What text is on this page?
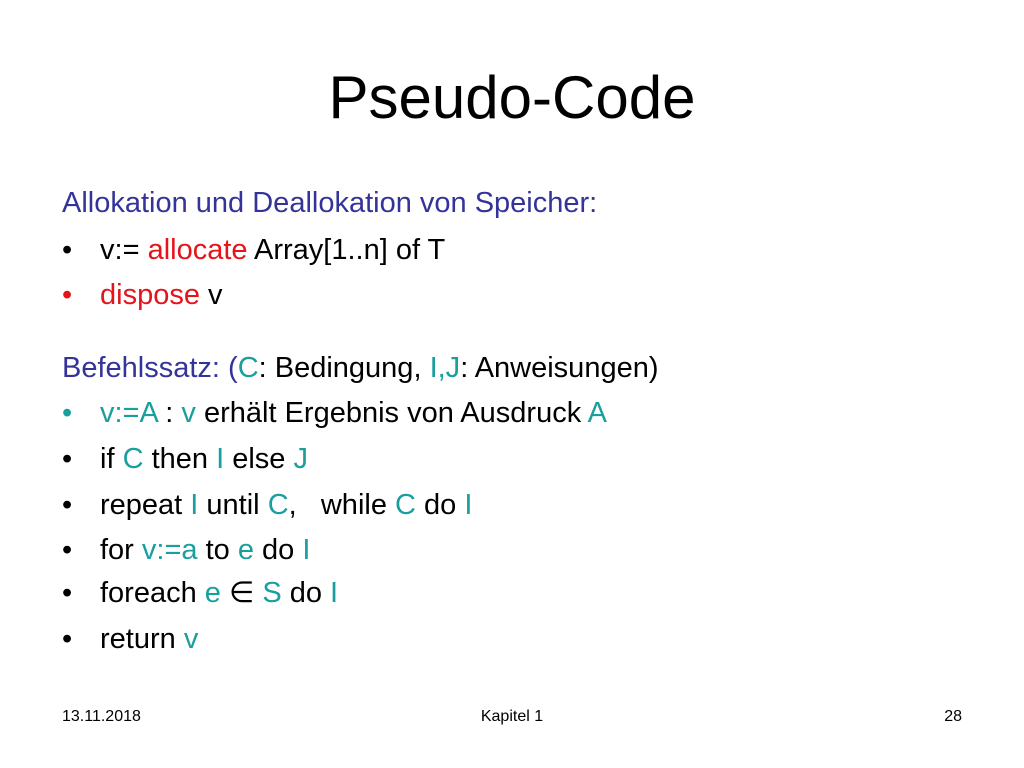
Pseudo-Code
Allokation und Deallokation von Speicher:
• v:= allocate Array[1..n] of T
• dispose v
Befehlssatz: (C: Bedingung, I,J: Anweisungen)
• v:=A : v erhält Ergebnis von Ausdruck A
• if C then I else J
• repeat I until C,   while C do I
• for v:=a to e do I
• foreach e ∈ S do I
• return v
13.11.2018	Kapitel 1	28
